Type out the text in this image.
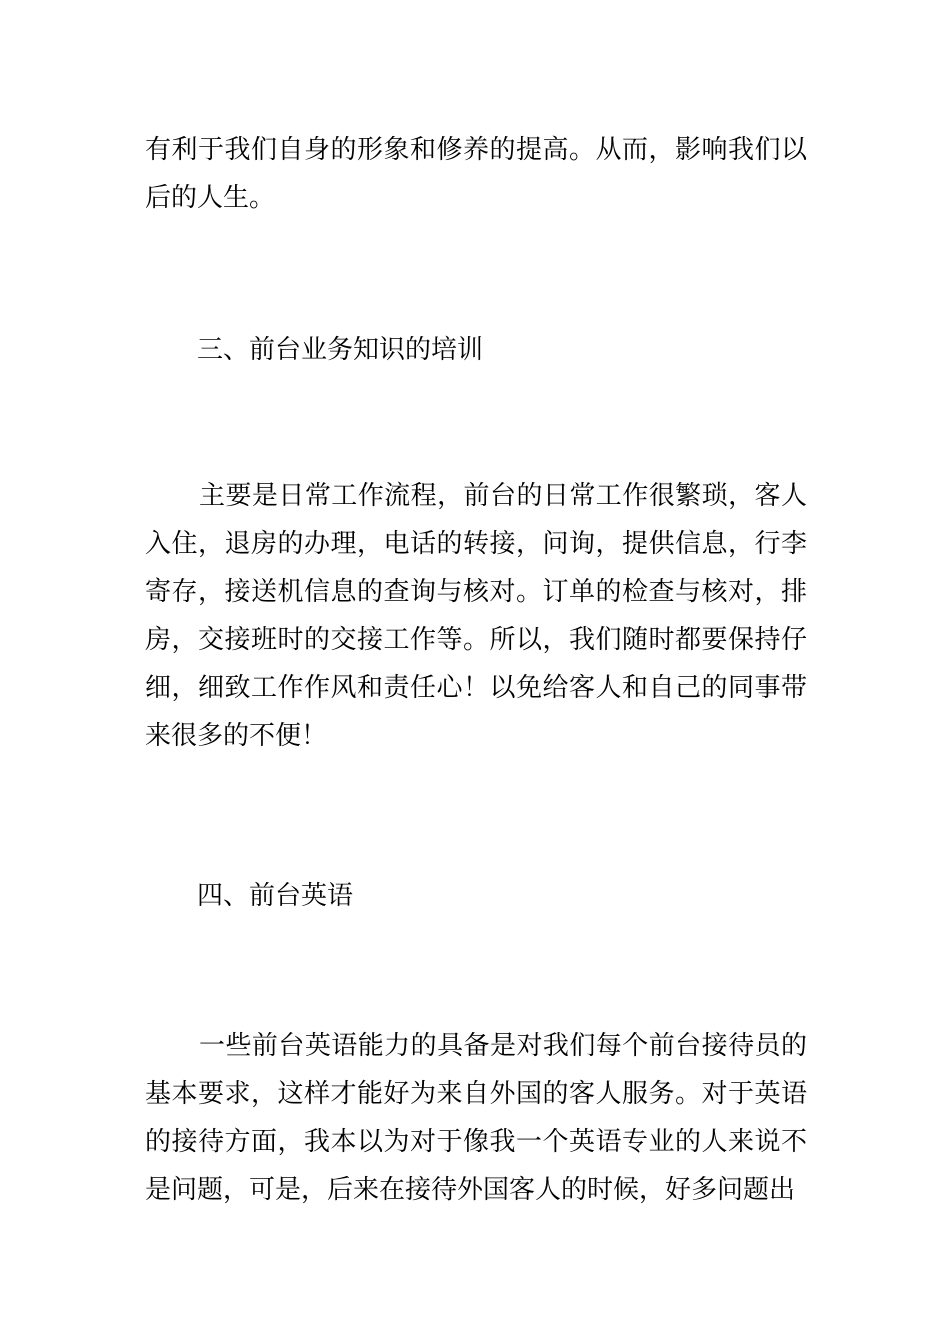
有利于我们自身的形象和修养的提高。从而，影响我们以后的人生。

三、前台业务知识的培训

主要是日常工作流程，前台的日常工作很繁琐，客人入住，退房的办理，电话的转接，问询，提供信息，行李寄存，接送机信息的查询与核对。订单的检查与核对，排房，交接班时的交接工作等。所以，我们随时都要保持仔细，细致工作作风和责任心！以免给客人和自己的同事带来很多的不便！

四、前台英语

一些前台英语能力的具备是对我们每个前台接待员的基本要求，这样才能好为来自外国的客人服务。对于英语的接待方面，我本以为对于像我一个英语专业的人来说不是问题，可是，后来在接待外国客人的时候，好多问题出
